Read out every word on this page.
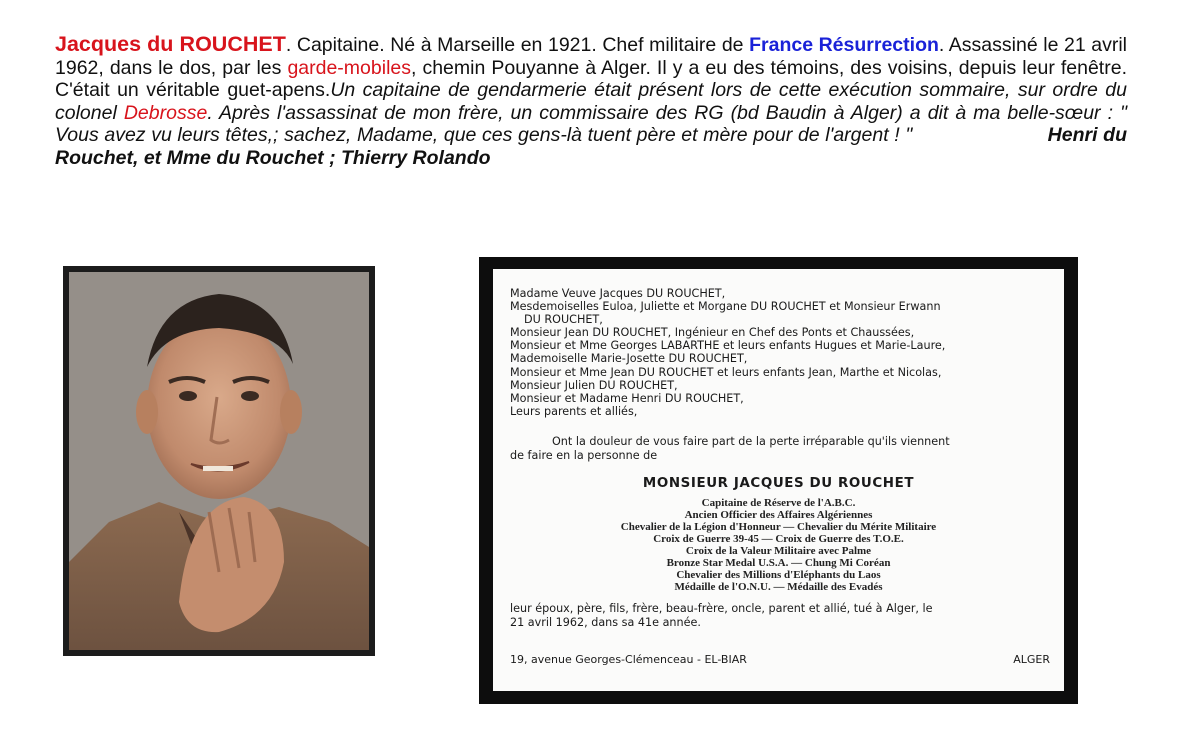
Jacques du ROUCHET. Capitaine. Né à Marseille en 1921. Chef militaire de France Résurrection. Assassiné le 21 avril 1962, dans le dos, par les garde-mobiles, chemin Pouyanne à Alger. Il y a eu des témoins, des voisins, depuis leur fenêtre. C'était un véritable guet-apens.Un capitaine de gendarmerie était présent lors de cette exécution sommaire, sur ordre du colonel Debrosse. Après l'assassinat de mon frère, un commissaire des RG (bd Baudin à Alger) a dit à ma belle-sœur : " Vous avez vu leurs têtes,; sachez, Madame, que ces gens-là tuent père et mère pour de l'argent ! "	Henri du Rouchet, et Mme du Rouchet ; Thierry Rolando
Madame Veuve Jacques DU ROUCHET,
Mesdemoiselles Euloa, Juliette et Morgane DU ROUCHET et Monsieur Erwann
DU ROUCHET,
Monsieur Jean DU ROUCHET, Ingénieur en Chef des Ponts et Chaussées,
Monsieur et Mme Georges LABARTHE et leurs enfants Hugues et Marie-Laure,
Mademoiselle Marie-Josette DU ROUCHET,
Monsieur et Mme Jean DU ROUCHET et leurs enfants Jean, Marthe et Nicolas,
Monsieur Julien DU ROUCHET,
Monsieur et Madame Henri DU ROUCHET,
Leurs parents et alliés,
Ont la douleur de vous faire part de la perte irréparable qu'ils viennent
de faire en la personne de
MONSIEUR JACQUES DU ROUCHET
Capitaine de Réserve de l'A.B.C.
Ancien Officier des Affaires Algériennes
Chevalier de la Légion d'Honneur — Chevalier du Mérite Militaire
Croix de Guerre 39-45 — Croix de Guerre des T.O.E.
Croix de la Valeur Militaire avec Palme
Bronze Star Medal U.S.A. — Chung Mi Coréan
Chevalier des Millions d'Eléphants du Laos
Médaille de l'O.N.U. — Médaille des Evadés
leur époux, père, fils, frère, beau-frère, oncle, parent et allié, tué à Alger, le
21 avril 1962, dans sa 41e année.
19, avenue Georges-Clémenceau - EL-BIAR	ALGER
